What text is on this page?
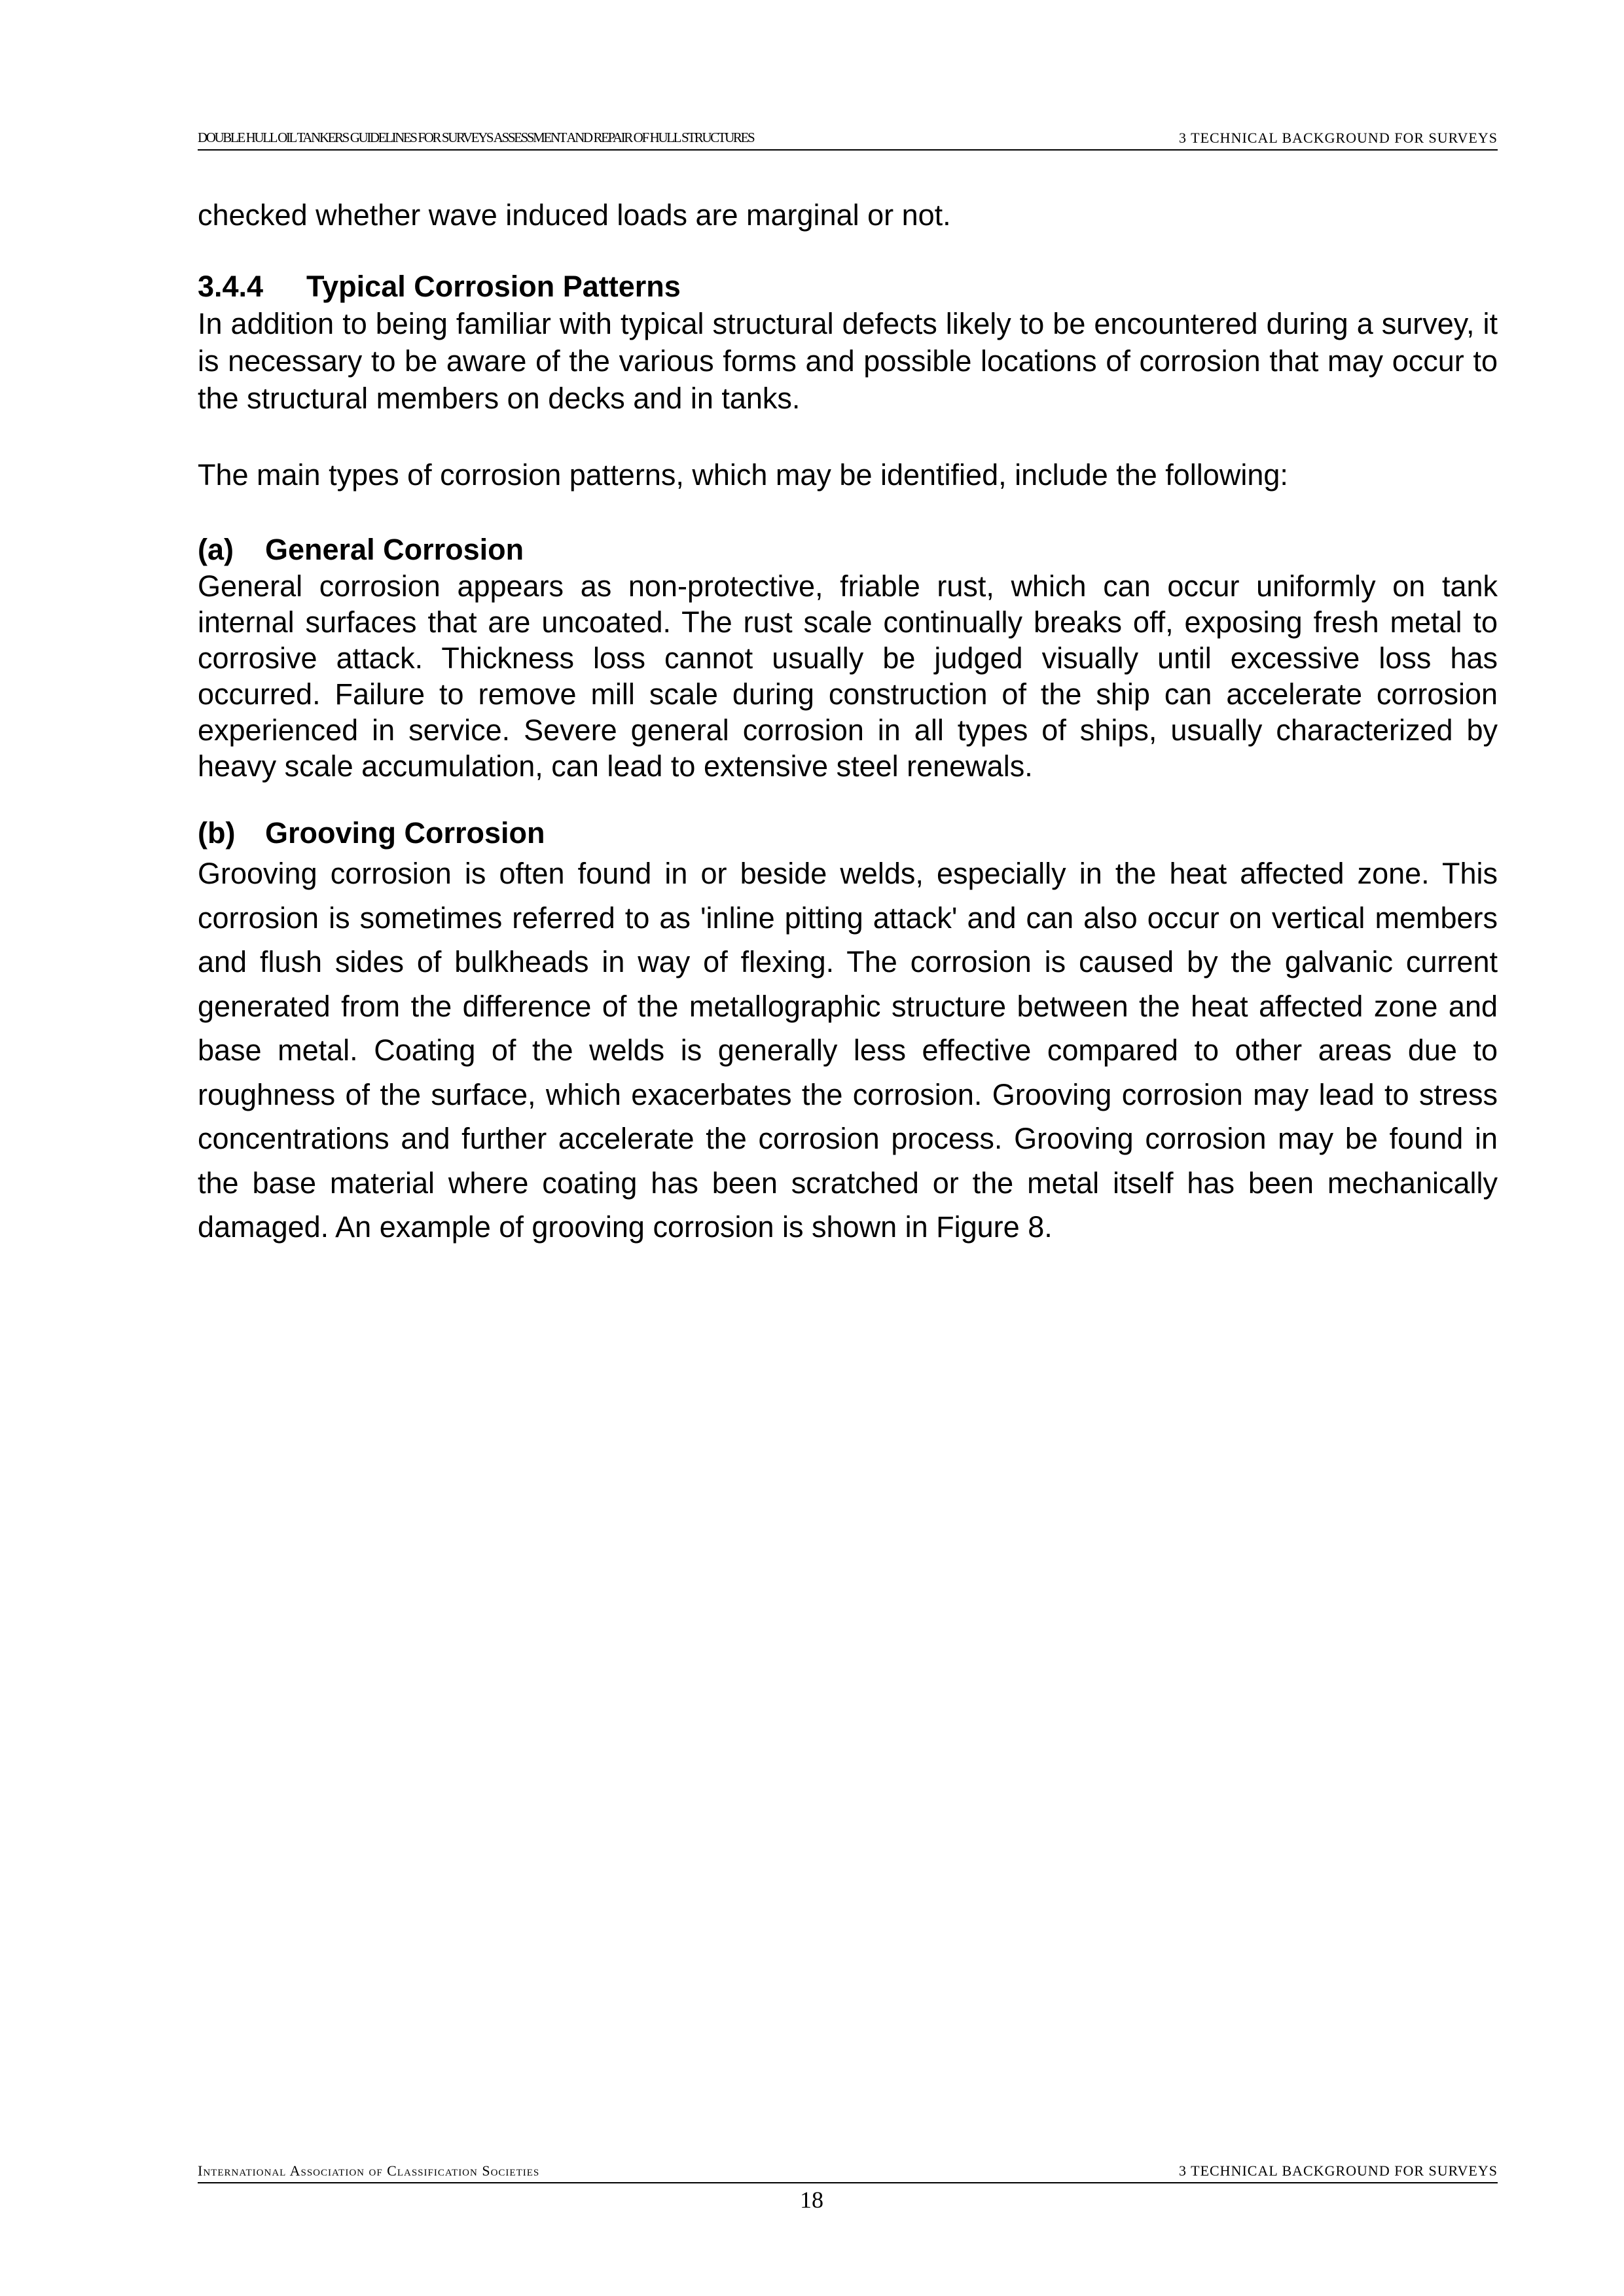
DOUBLE HULL OIL TANKERS GUIDELINES FOR SURVEYS ASSESSMENT AND REPAIR OF HULL STRUCTURES	3 TECHNICAL BACKGROUND FOR SURVEYS

checked whether wave induced loads are marginal or not.

3.4.4 Typical Corrosion Patterns

In addition to being familiar with typical structural defects likely to be encountered during a survey, it is necessary to be aware of the various forms and possible locations of corrosion that may occur to the structural members on decks and in tanks.

The main types of corrosion patterns, which may be identified, include the following:

(a) General Corrosion

General corrosion appears as non-protective, friable rust, which can occur uniformly on tank internal surfaces that are uncoated. The rust scale continually breaks off, exposing fresh metal to corrosive attack. Thickness loss cannot usually be judged visually until excessive loss has occurred. Failure to remove mill scale during construction of the ship can accelerate corrosion experienced in service. Severe general corrosion in all types of ships, usually characterized by heavy scale accumulation, can lead to extensive steel renewals.

(b) Grooving Corrosion

Grooving corrosion is often found in or beside welds, especially in the heat affected zone. This corrosion is sometimes referred to as 'inline pitting attack' and can also occur on vertical members and flush sides of bulkheads in way of flexing. The corrosion is caused by the galvanic current generated from the difference of the metallographic structure between the heat affected zone and base metal. Coating of the welds is generally less effective compared to other areas due to roughness of the surface, which exacerbates the corrosion. Grooving corrosion may lead to stress concentrations and further accelerate the corrosion process. Grooving corrosion may be found in the base material where coating has been scratched or the metal itself has been mechanically damaged. An example of grooving corrosion is shown in Figure 8.

International Association of Classification Societies	3 TECHNICAL BACKGROUND FOR SURVEYS
18
